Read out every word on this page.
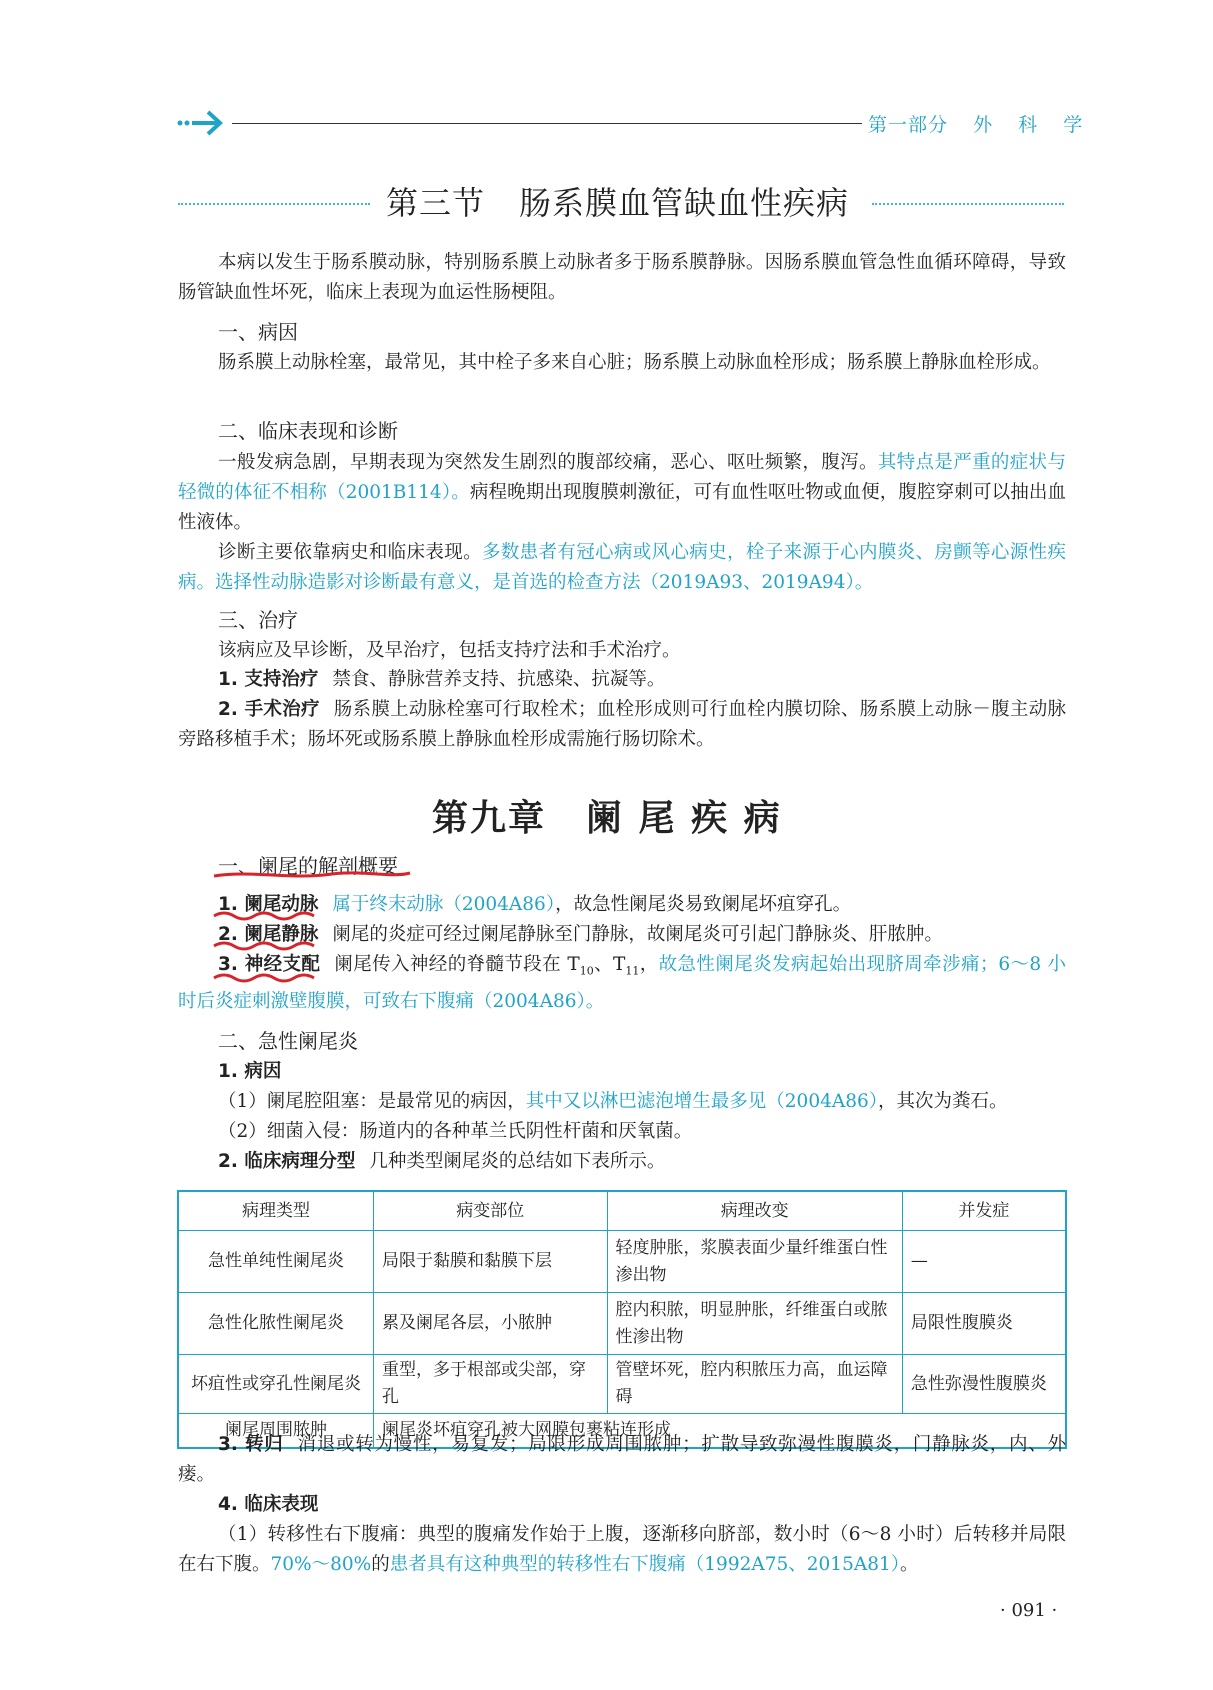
第一部分 外 科 学
第三节 肠系膜血管缺血性疾病
本病以发生于肠系膜动脉，特别肠系膜上动脉者多于肠系膜静脉。因肠系膜血管急性血循环障碍，导致肠管缺血性坏死，临床上表现为血运性肠梗阻。
一、病因
肠系膜上动脉栓塞，最常见，其中栓子多来自心脏；肠系膜上动脉血栓形成；肠系膜上静脉血栓形成。
二、临床表现和诊断
一般发病急剧，早期表现为突然发生剧烈的腹部绞痛，恶心、呕吐频繁，腹泻。其特点是严重的症状与轻微的体征不相称（2001B114）。病程晚期出现腹膜刺激征，可有血性呕吐物或血便，腹腔穿刺可以抽出血性液体。
诊断主要依靠病史和临床表现。多数患者有冠心病或风心病史，栓子来源于心内膜炎、房颤等心源性疾病。选择性动脉造影对诊断最有意义，是首选的检查方法（2019A93、2019A94）。
三、治疗
该病应及早诊断，及早治疗，包括支持疗法和手术治疗。
1. 支持治疗 禁食、静脉营养支持、抗感染、抗凝等。
2. 手术治疗 肠系膜上动脉栓塞可行取栓术；血栓形成则可行血栓内膜切除、肠系膜上动脉－腹主动脉旁路移植手术；肠坏死或肠系膜上静脉血栓形成需施行肠切除术。
第九章 阑 尾 疾 病
一、阑尾的解剖概要
1. 阑尾动脉 属于终末动脉（2004A86），故急性阑尾炎易致阑尾坏疽穿孔。
2. 阑尾静脉 阑尾的炎症可经过阑尾静脉至门静脉，故阑尾炎可引起门静脉炎、肝脓肿。
3. 神经支配 阑尾传入神经的脊髓节段在 $T_{10}$、$T_{11}$，故急性阑尾炎发病起始出现脐周牵涉痛；6～8 小时后炎症刺激壁腹膜，可致右下腹痛（2004A86）。
二、急性阑尾炎
1. 病因
（1）阑尾腔阻塞：是最常见的病因，其中又以淋巴滤泡增生最多见（2004A86），其次为粪石。
（2）细菌入侵：肠道内的各种革兰氏阴性杆菌和厌氧菌。
2. 临床病理分型 几种类型阑尾炎的总结如下表所示。
病理类型	病变部位	病理改变	并发症
急性单纯性阑尾炎	局限于黏膜和黏膜下层	轻度肿胀，浆膜表面少量纤维蛋白性渗出物	—
急性化脓性阑尾炎	累及阑尾各层，小脓肿	腔内积脓，明显肿胀，纤维蛋白或脓性渗出物	局限性腹膜炎
坏疽性或穿孔性阑尾炎	重型，多于根部或尖部，穿孔	管壁坏死，腔内积脓压力高，血运障碍	急性弥漫性腹膜炎
阑尾周围脓肿	阑尾炎坏疽穿孔被大网膜包裹粘连形成		
3. 转归 消退或转为慢性，易复发；局限形成周围脓肿；扩散导致弥漫性腹膜炎，门静脉炎，内、外瘘。
4. 临床表现
（1）转移性右下腹痛：典型的腹痛发作始于上腹，逐渐移向脐部，数小时（6～8 小时）后转移并局限在右下腹。70%～80%的患者具有这种典型的转移性右下腹痛（1992A75、2015A81）。
· 091 ·
